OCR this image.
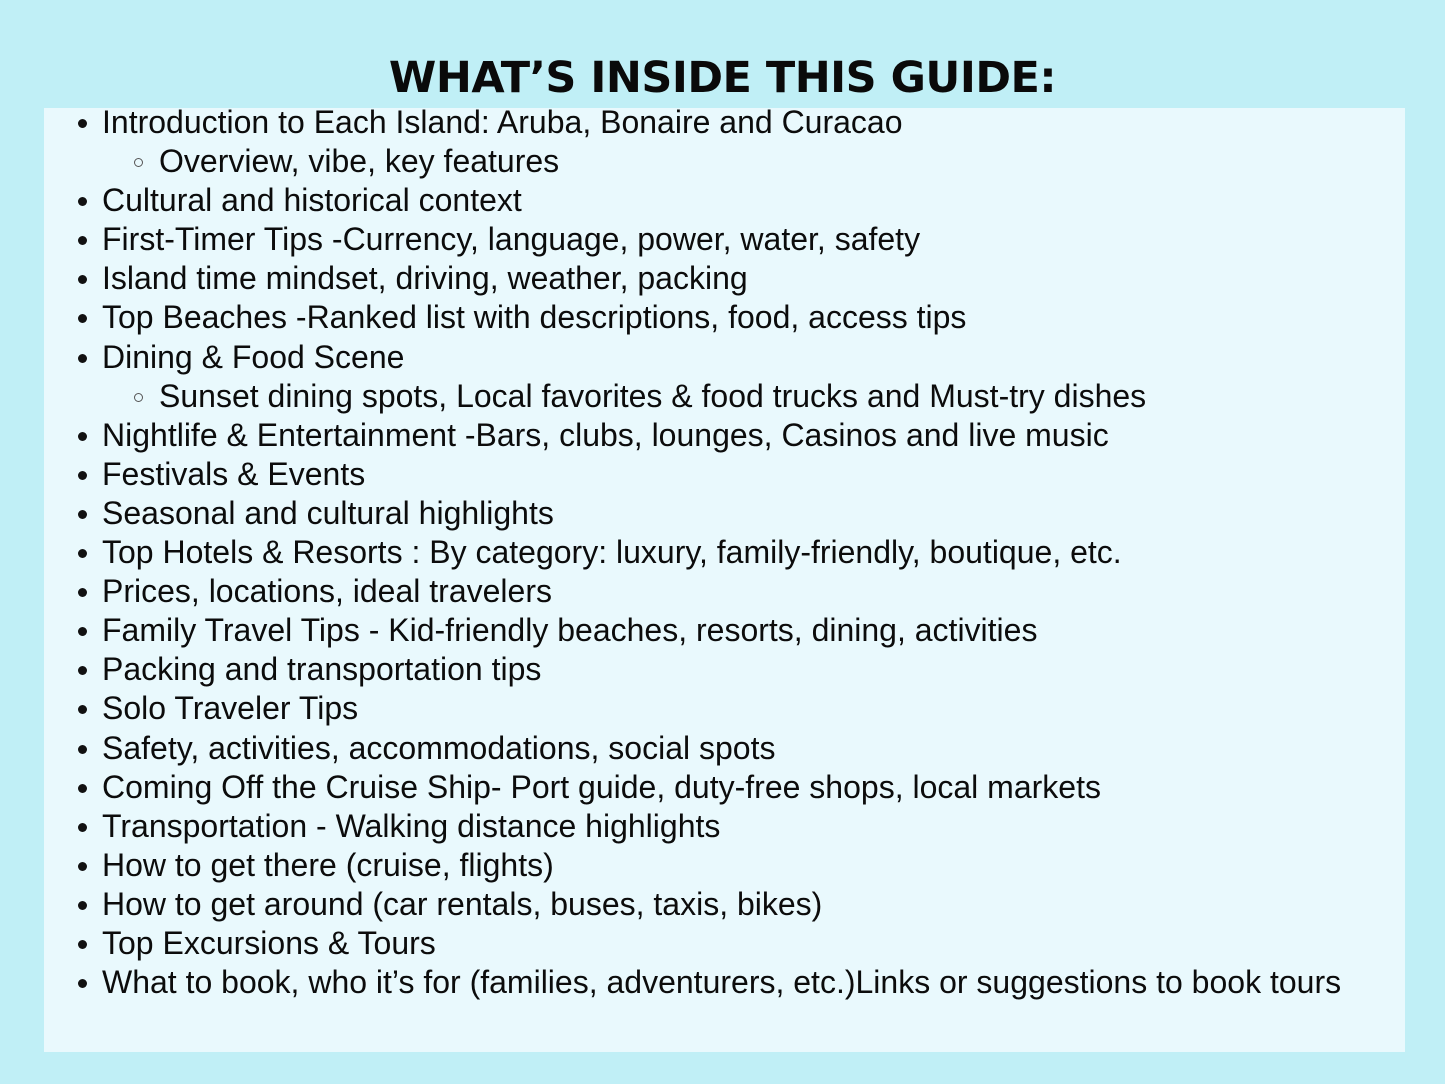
WHAT’S INSIDE THIS GUIDE:
Introduction to Each Island: Aruba, Bonaire and Curacao
Overview, vibe, key features
Cultural and historical context
First-Timer Tips -Currency, language, power, water, safety
Island time mindset, driving, weather, packing
Top Beaches -Ranked list with descriptions, food, access tips
Dining & Food Scene
Sunset dining spots, Local favorites & food trucks and Must-try dishes
Nightlife & Entertainment -Bars, clubs, lounges, Casinos and live music
Festivals & Events
Seasonal and cultural highlights
Top Hotels & Resorts : By category: luxury, family-friendly, boutique, etc.
Prices, locations, ideal travelers
Family Travel Tips - Kid-friendly beaches, resorts, dining, activities
Packing and transportation tips
Solo Traveler Tips
Safety, activities, accommodations, social spots
Coming Off the Cruise Ship- Port guide, duty-free shops, local markets
Transportation - Walking distance highlights
How to get there (cruise, flights)
How to get around (car rentals, buses, taxis, bikes)
Top Excursions & Tours
What to book, who it’s for (families, adventurers, etc.)Links or suggestions to book tours
